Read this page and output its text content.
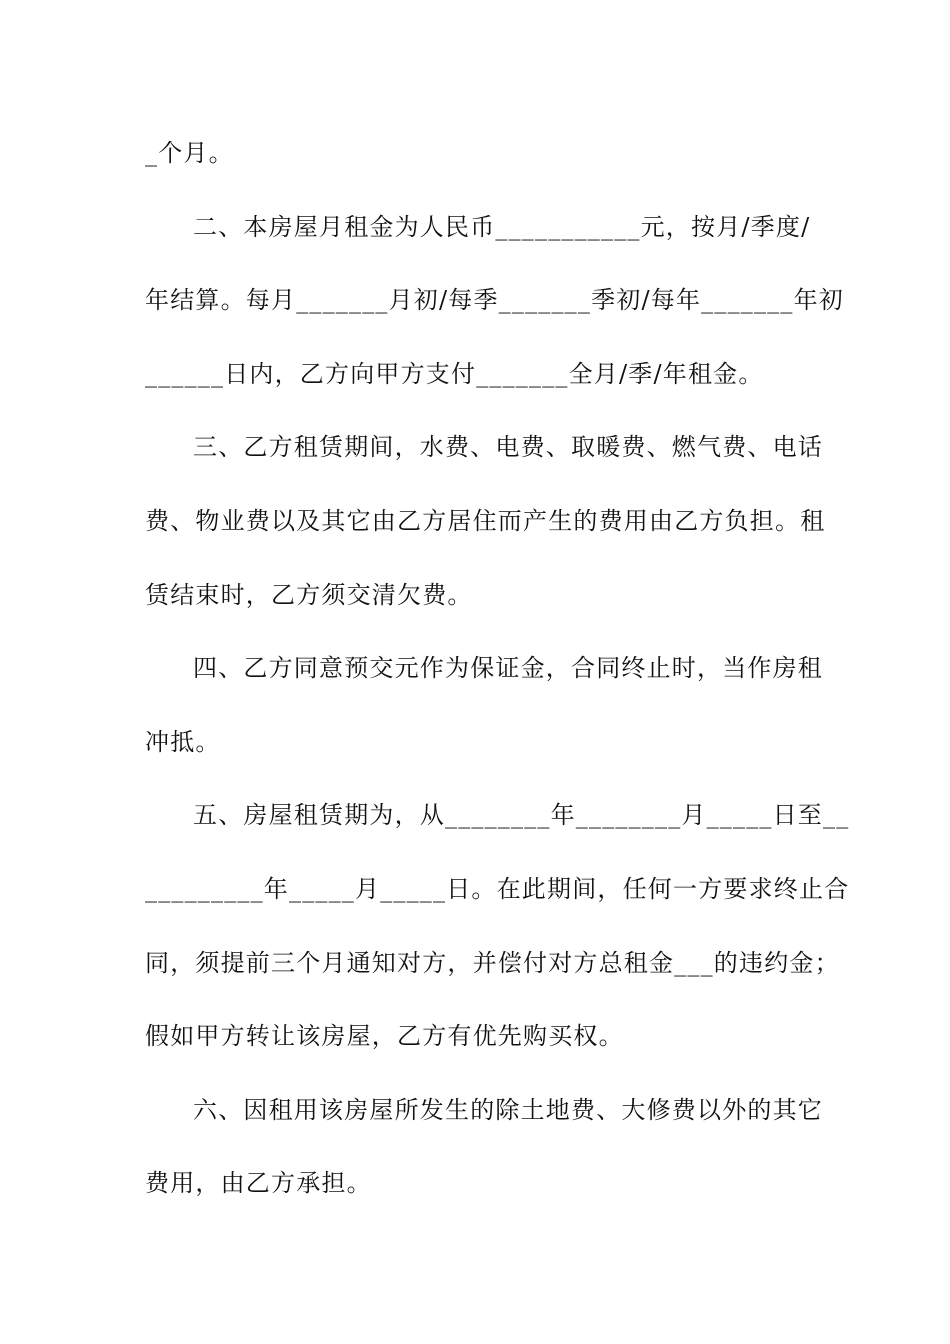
_个月。
二、本房屋月租金为人民币___________元，按月/季度/
年结算。每月_______月初/每季_______季初/每年_______年初
______日内，乙方向甲方支付_______全月/季/年租金。
三、乙方租赁期间，水费、电费、取暖费、燃气费、电话
费、物业费以及其它由乙方居住而产生的费用由乙方负担。租
赁结束时，乙方须交清欠费。
四、乙方同意预交元作为保证金，合同终止时，当作房租
冲抵。
五、房屋租赁期为，从________年________月_____日至__
_________年_____月_____日。在此期间，任何一方要求终止合
同，须提前三个月通知对方，并偿付对方总租金___的违约金；
假如甲方转让该房屋，乙方有优先购买权。
六、因租用该房屋所发生的除土地费、大修费以外的其它
费用，由乙方承担。
